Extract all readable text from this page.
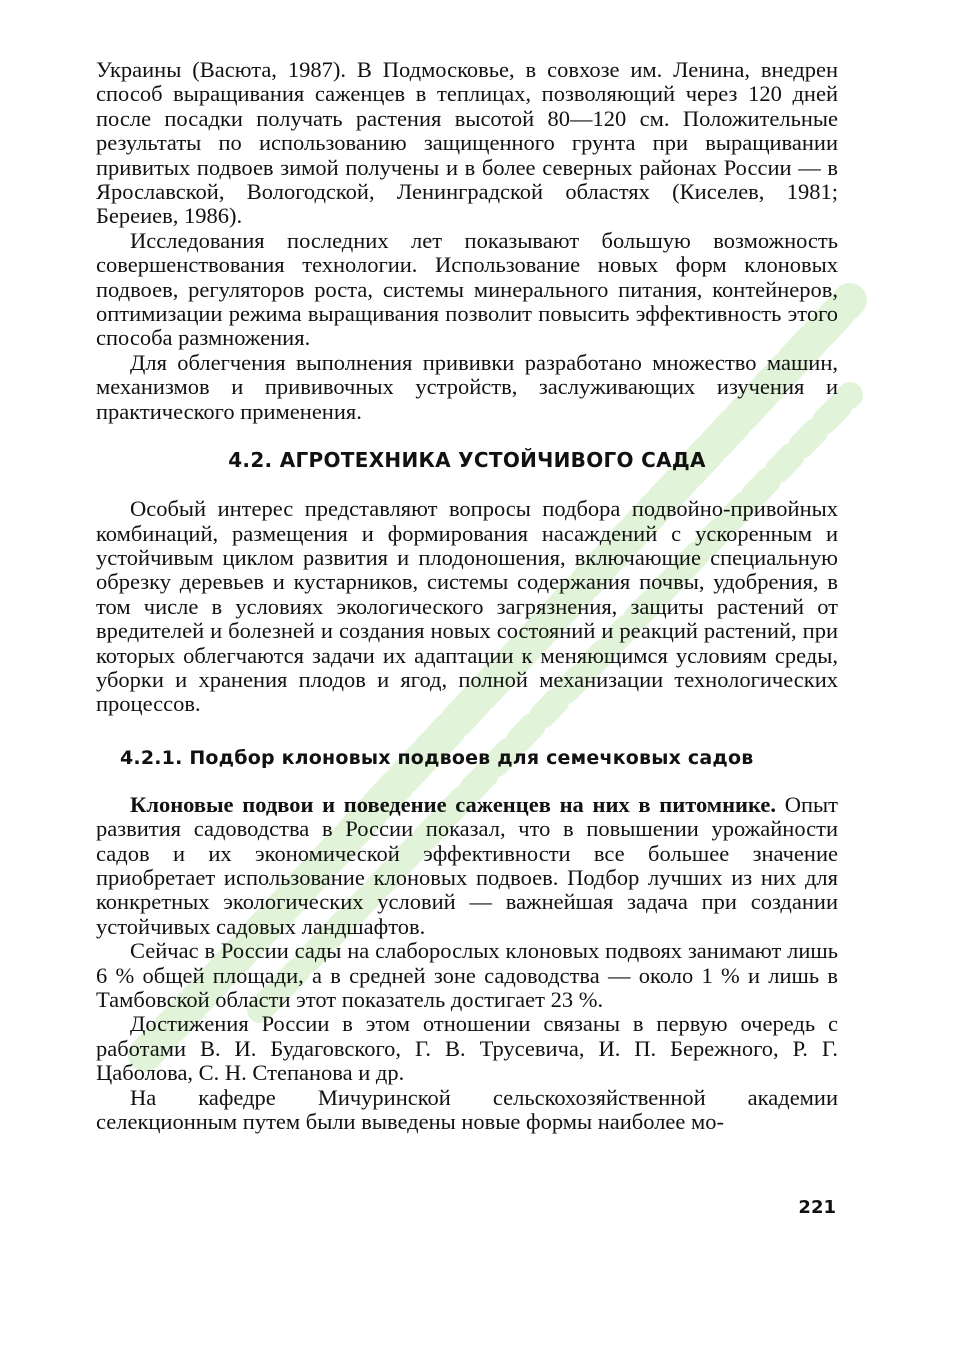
Украины (Васюта, 1987). В Подмосковье, в совхозе им. Ленина, внедрен способ выращивания саженцев в теплицах, позволяющий через 120 дней после посадки получать растения высотой 80—120 см. Положительные результаты по использованию защищенного грунта при выращивании привитых подвоев зимой получены и в более северных районах России — в Ярославской, Вологодской, Ленинградской областях (Киселев, 1981; Береиев, 1986).

Исследования последних лет показывают большую возможность совершенствования технологии. Использование новых форм клоновых подвоев, регуляторов роста, системы минерального питания, контейнеров, оптимизации режима выращивания позволит повысить эффективность этого способа размножения.

Для облегчения выполнения прививки разработано множество машин, механизмов и прививочных устройств, заслуживающих изучения и практического применения.

4.2. АГРОТЕХНИКА УСТОЙЧИВОГО САДА

Особый интерес представляют вопросы подбора подвойно-привойных комбинаций, размещения и формирования насаждений с ускоренным и устойчивым циклом развития и плодоношения, включающие специальную обрезку деревьев и кустарников, системы содержания почвы, удобрения, в том числе в условиях экологического загрязнения, защиты растений от вредителей и болезней и создания новых состояний и реакций растений, при которых облегчаются задачи их адаптации к меняющимся условиям среды, уборки и хранения плодов и ягод, полной механизации технологических процессов.

4.2.1. Подбор клоновых подвоев для семечковых садов

Клоновые подвои и поведение саженцев на них в питомнике. Опыт развития садоводства в России показал, что в повышении урожайности садов и их экономической эффективности все большее значение приобретает использование клоновых подвоев. Подбор лучших из них для конкретных экологических условий — важнейшая задача при создании устойчивых садовых ландшафтов.

Сейчас в России сады на слаборослых клоновых подвоях занимают лишь 6 % общей площади, а в средней зоне садоводства — около 1 % и лишь в Тамбовской области этот показатель достигает 23 %.

Достижения России в этом отношении связаны в первую очередь с работами В. И. Будаговского, Г. В. Трусевича, И. П. Бережного, Р. Г. Цаболова, С. Н. Степанова и др.

На кафедре Мичуринской сельскохозяйственной академии селекционным путем были выведены новые формы наиболее мо-

221
